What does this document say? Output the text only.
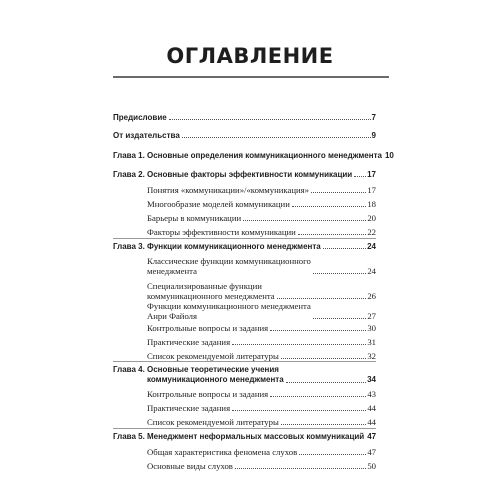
ОГЛАВЛЕНИЕ
Предисловие	7
От издательства	9
Глава 1. Основные определения коммуникационного менеджмента 10
Глава 2. Основные факторы эффективности коммуникации 17
Понятия «коммуникации»/«коммуникация»	17
Многообразие моделей коммуникации	18
Барьеры в коммуникации	20
Факторы эффективности коммуникации	22
Глава 3. Функции коммуникационного менеджмента	24
Классические функции коммуникационного
менеджмента	24
Специализированные функции
коммуникационного менеджмента	26
Функции коммуникационного менеджмента
Анри Файоля	27
Контрольные вопросы и задания	30
Практические задания	31
Список рекомендуемой литературы	32
Глава 4. Основные теоретические учения
коммуникационного менеджмента	34
Контрольные вопросы и задания	43
Практические задания	44
Список рекомендуемой литературы	44
Глава 5. Менеджмент неформальных массовых коммуникаций 47
Общая характеристика феномена слухов	47
Основные виды слухов	50
